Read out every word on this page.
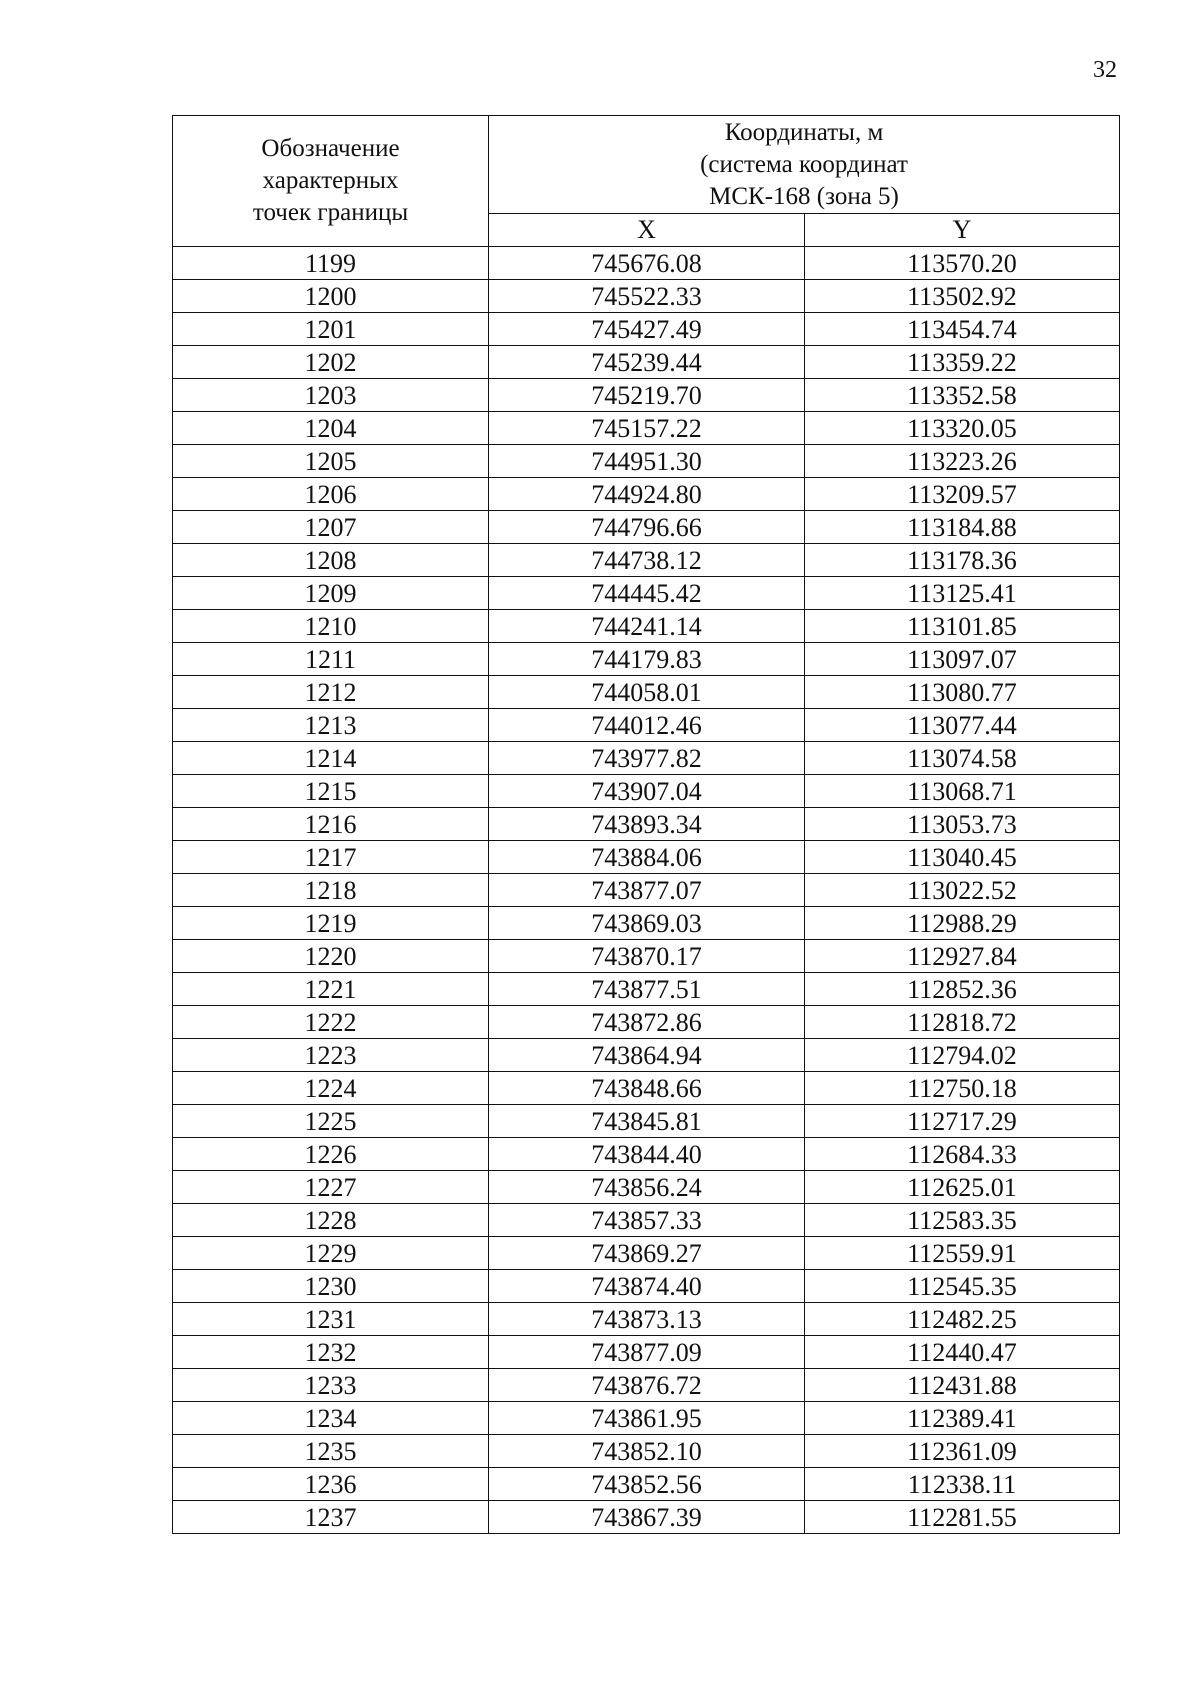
32
Обозначение
характерных
точек границы	Координаты, м
(система координат
МСК-168 (зона 5)	

	X	Y
1199	745676.08	113570.20
1200	745522.33	113502.92
1201	745427.49	113454.74
1202	745239.44	113359.22
1203	745219.70	113352.58
1204	745157.22	113320.05
1205	744951.30	113223.26
1206	744924.80	113209.57
1207	744796.66	113184.88
1208	744738.12	113178.36
1209	744445.42	113125.41
1210	744241.14	113101.85
1211	744179.83	113097.07
1212	744058.01	113080.77
1213	744012.46	113077.44
1214	743977.82	113074.58
1215	743907.04	113068.71
1216	743893.34	113053.73
1217	743884.06	113040.45
1218	743877.07	113022.52
1219	743869.03	112988.29
1220	743870.17	112927.84
1221	743877.51	112852.36
1222	743872.86	112818.72
1223	743864.94	112794.02
1224	743848.66	112750.18
1225	743845.81	112717.29
1226	743844.40	112684.33
1227	743856.24	112625.01
1228	743857.33	112583.35
1229	743869.27	112559.91
1230	743874.40	112545.35
1231	743873.13	112482.25
1232	743877.09	112440.47
1233	743876.72	112431.88
1234	743861.95	112389.41
1235	743852.10	112361.09
1236	743852.56	112338.11
1237	743867.39	112281.55
